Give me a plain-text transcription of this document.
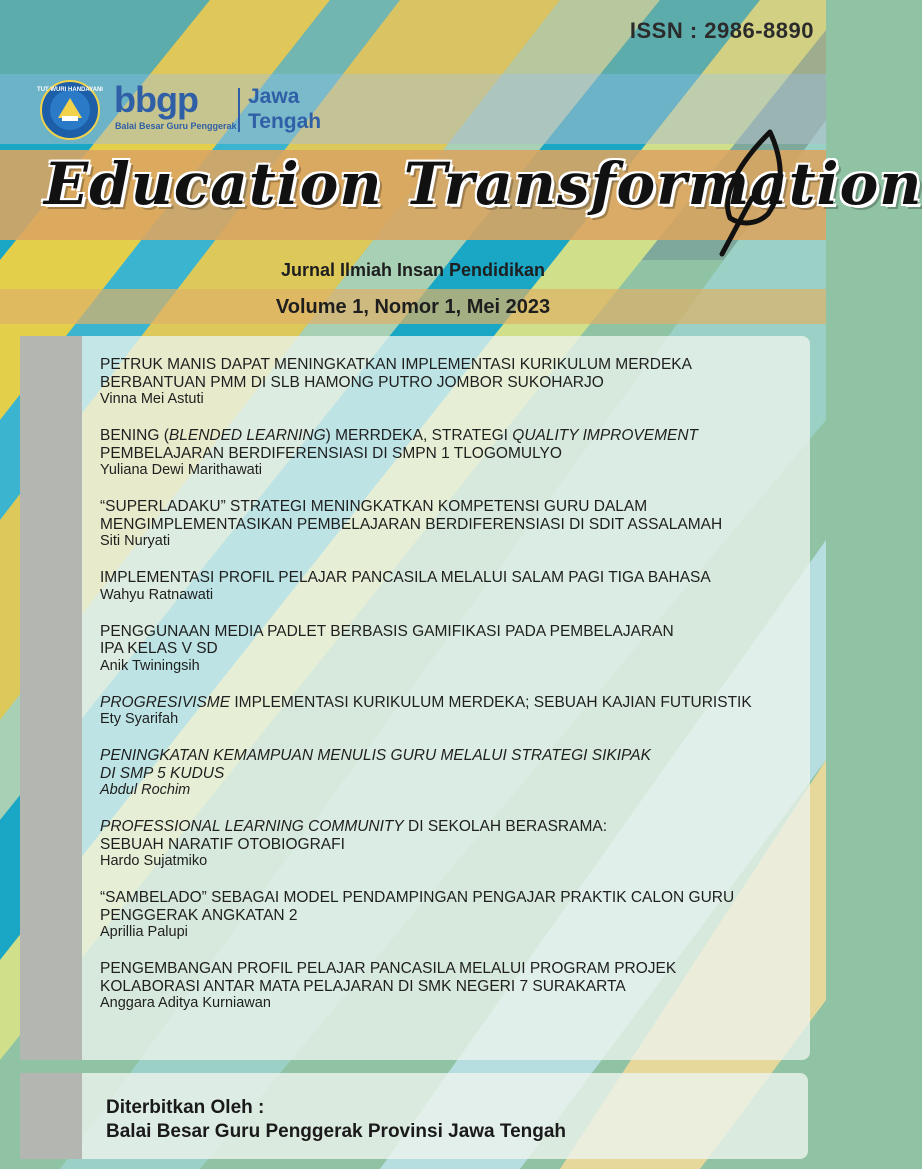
ISSN : 2986-8890
TUT WURI HANDAYANI bbgp
Balai Besar Guru Penggerak
Jawa
Tengah
Education Transformation
Jurnal Ilmiah Insan Pendidikan
Volume 1, Nomor 1, Mei 2023
PETRUK MANIS DAPAT MENINGKATKAN IMPLEMENTASI KURIKULUM MERDEKA
BERBANTUAN PMM DI SLB HAMONG PUTRO JOMBOR SUKOHARJO
Vinna Mei Astuti
BENING (BLENDED LEARNING) MERRDEKA, STRATEGI QUALITY IMPROVEMENT
PEMBELAJARAN BERDIFERENSIASI DI SMPN 1 TLOGOMULYO
Yuliana Dewi Marithawati
“SUPERLADAKU” STRATEGI MENINGKATKAN KOMPETENSI GURU DALAM
MENGIMPLEMENTASIKAN PEMBELAJARAN BERDIFERENSIASI DI SDIT ASSALAMAH
Siti Nuryati
IMPLEMENTASI PROFIL PELAJAR PANCASILA MELALUI SALAM PAGI TIGA BAHASA
Wahyu Ratnawati
PENGGUNAAN MEDIA PADLET BERBASIS GAMIFIKASI PADA PEMBELAJARAN
IPA KELAS V SD
Anik Twiningsih
PROGRESIVISME IMPLEMENTASI KURIKULUM MERDEKA; SEBUAH KAJIAN FUTURISTIK
Ety Syarifah
PENINGKATAN KEMAMPUAN MENULIS GURU MELALUI STRATEGI SIKIPAK
DI SMP 5 KUDUS
Abdul Rochim
PROFESSIONAL LEARNING COMMUNITY DI SEKOLAH BERASRAMA:
SEBUAH NARATIF OTOBIOGRAFI
Hardo Sujatmiko
“SAMBELADO” SEBAGAI MODEL PENDAMPINGAN PENGAJAR PRAKTIK CALON GURU
PENGGERAK ANGKATAN 2
Aprillia Palupi
PENGEMBANGAN PROFIL PELAJAR PANCASILA MELALUI PROGRAM PROJEK
KOLABORASI ANTAR MATA PELAJARAN DI SMK NEGERI 7 SURAKARTA
Anggara Aditya Kurniawan
Diterbitkan Oleh :
Balai Besar Guru Penggerak Provinsi Jawa Tengah
